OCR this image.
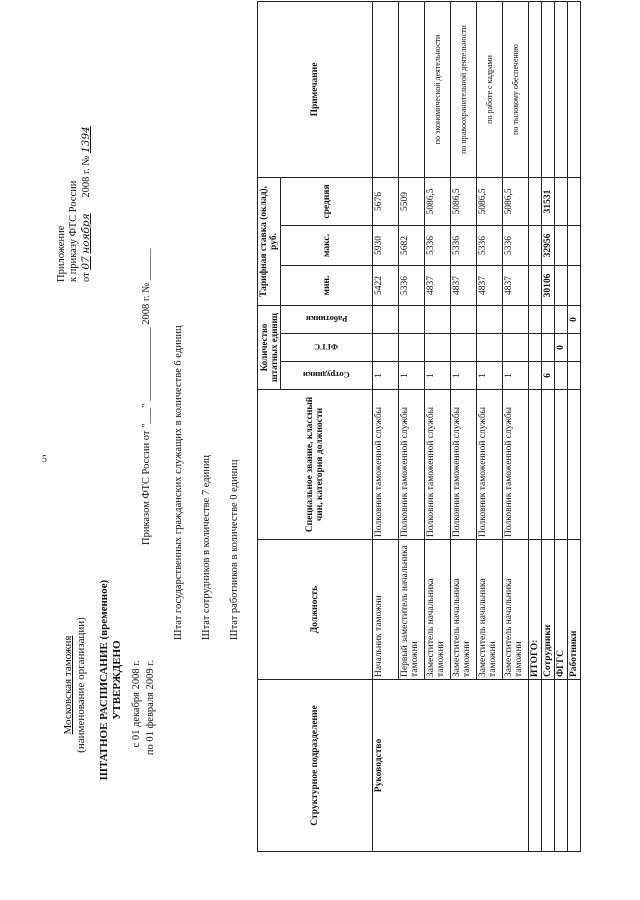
5
Приложение к приказу ФТС России от 07 ноября      2008 г. № 1394
Московская таможня (наименование организации) ШТАТНОЕ РАСПИСАНИЕ (временное) УТВЕРЖДЕНО с 01 декабря 2008 г. по 01 февраля 2009 г.
Приказом ФТС России от "___" ______________ 2008 г. № ______ Штат государственных гражданских служащих в количестве 6 единиц Штат сотрудников в количестве 7 единиц Штат работников в количестве 0 единиц
Структурное подразделение	Должность	Специальное звание, классный чин, категория должности	Количество штатных единиц			Тарифная ставка (оклад), руб.			Примечание

			Сотрудники	ФГГС	Работники	мин.	макс.	средняя	
Руководство	Начальник таможни	Полковник таможенной службы	1			5422	5930	5676	
	Первый заместитель начальника таможни	Полковник таможенной службы	1			5336	5682	5509	
	Заместитель начальника таможни	Полковник таможенной службы	1			4837	5336	5086,5	по экономической деятельности
	Заместитель начальника таможни	Полковник таможенной службы	1			4837	5336	5086,5	по правоохранительной деятельности
	Заместитель начальника таможни	Полковник таможенной службы	1			4837	5336	5086,5	по работе с кадрами
	Заместитель начальника таможни	Полковник таможенной службы	1			4837	5336	5086,5	по тыловому обеспечению
	ИТОГО:								
	Сотрудники		6			30106	32956	31531	
	ФГГС			0					
	Работники				0				
